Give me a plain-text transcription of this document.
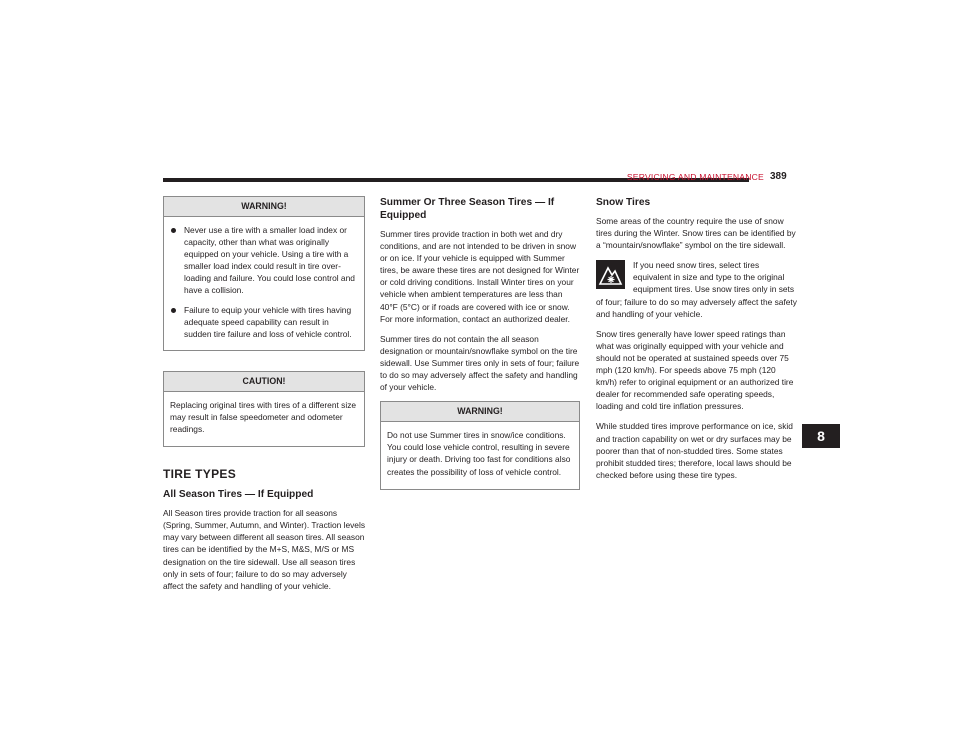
SERVICING AND MAINTENANCE 389
WARNING!
Never use a tire with a smaller load index or capacity, other than what was originally equipped on your vehicle. Using a tire with a smaller load index could result in tire over-loading and failure. You could lose control and have a collision.
Failure to equip your vehicle with tires having adequate speed capability can result in sudden tire failure and loss of vehicle control.
CAUTION!

Replacing original tires with tires of a different size may result in false speedometer and odometer readings.

TIRE TYPES
All Season Tires — If Equipped

All Season tires provide traction for all seasons (Spring, Summer, Autumn, and Winter). Traction levels may vary between different all season tires. All season tires can be identified by the M+S, M&S, M/S or MS designation on the tire sidewall. Use all season tires only in sets of four; failure to do so may adversely affect the safety and handling of your vehicle.

Summer Or Three Season Tires — If Equipped

Summer tires provide traction in both wet and dry conditions, and are not intended to be driven in snow or on ice. If your vehicle is equipped with Summer tires, be aware these tires are not designed for Winter or cold driving conditions. Install Winter tires on your vehicle when ambient temperatures are less than 40°F (5°C) or if roads are covered with ice or snow. For more information, contact an authorized dealer.

Summer tires do not contain the all season designation or mountain/snowflake symbol on the tire sidewall. Use Summer tires only in sets of four; failure to do so may adversely affect the safety and handling of your vehicle.

WARNING!

Do not use Summer tires in snow/ice conditions. You could lose vehicle control, resulting in severe injury or death. Driving too fast for conditions also creates the possibility of loss of vehicle control.

Snow Tires

Some areas of the country require the use of snow tires during the Winter. Snow tires can be identified by a “mountain/snowflake” symbol on the tire sidewall.

If you need snow tires, select tires equivalent in size and type to the original equipment tires. Use snow tires only in sets of four; failure to do so may adversely affect the safety and handling of your vehicle.

Snow tires generally have lower speed ratings than what was originally equipped with your vehicle and should not be operated at sustained speeds over 75 mph (120 km/h). For speeds above 75 mph (120 km/h) refer to original equipment or an authorized tire dealer for recommended safe operating speeds, loading and cold tire inflation pressures.

While studded tires improve performance on ice, skid and traction capability on wet or dry surfaces may be poorer than that of non-studded tires. Some states prohibit studded tires; therefore, local laws should be checked before using these tire types.

8
